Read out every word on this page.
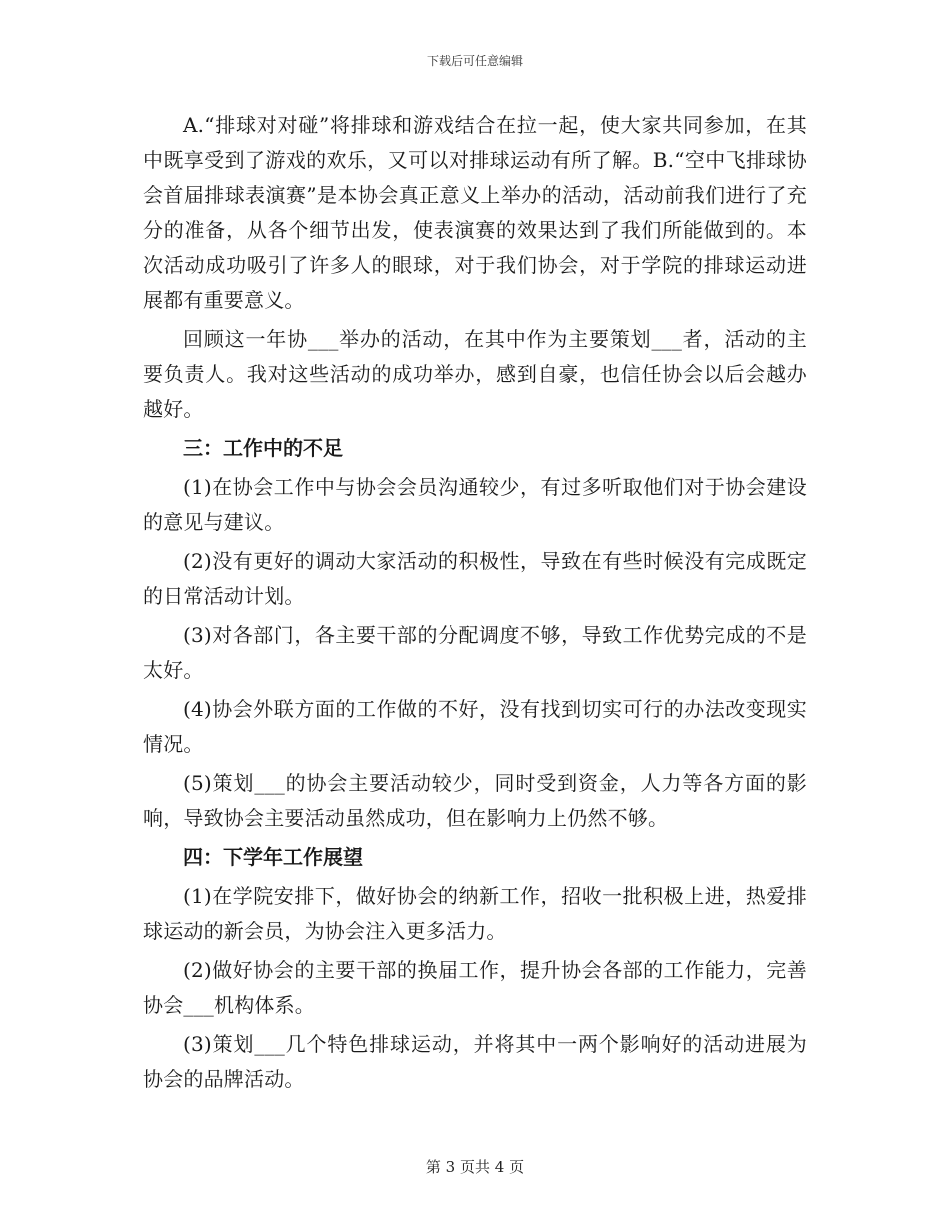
下载后可任意编辑

A.“排球对对碰”将排球和游戏结合在拉一起，使大家共同参加，在其中既享受到了游戏的欢乐，又可以对排球运动有所了解。B.“空中飞排球协会首届排球表演赛”是本协会真正意义上举办的活动，活动前我们进行了充分的准备，从各个细节出发，使表演赛的效果达到了我们所能做到的。本次活动成功吸引了许多人的眼球，对于我们协会，对于学院的排球运动进展都有重要意义。

回顾这一年协___举办的活动，在其中作为主要策划___者，活动的主要负责人。我对这些活动的成功举办，感到自豪，也信任协会以后会越办越好。

三：工作中的不足

(1)在协会工作中与协会会员沟通较少，有过多听取他们对于协会建设的意见与建议。

(2)没有更好的调动大家活动的积极性，导致在有些时候没有完成既定的日常活动计划。

(3)对各部门，各主要干部的分配调度不够，导致工作优势完成的不是太好。

(4)协会外联方面的工作做的不好，没有找到切实可行的办法改变现实情况。

(5)策划___的协会主要活动较少，同时受到资金，人力等各方面的影响，导致协会主要活动虽然成功，但在影响力上仍然不够。

四：下学年工作展望

(1)在学院安排下，做好协会的纳新工作，招收一批积极上进，热爱排球运动的新会员，为协会注入更多活力。

(2)做好协会的主要干部的换届工作，提升协会各部的工作能力，完善协会___机构体系。

(3)策划___几个特色排球运动，并将其中一两个影响好的活动进展为协会的品牌活动。

第 3 页共 4 页
